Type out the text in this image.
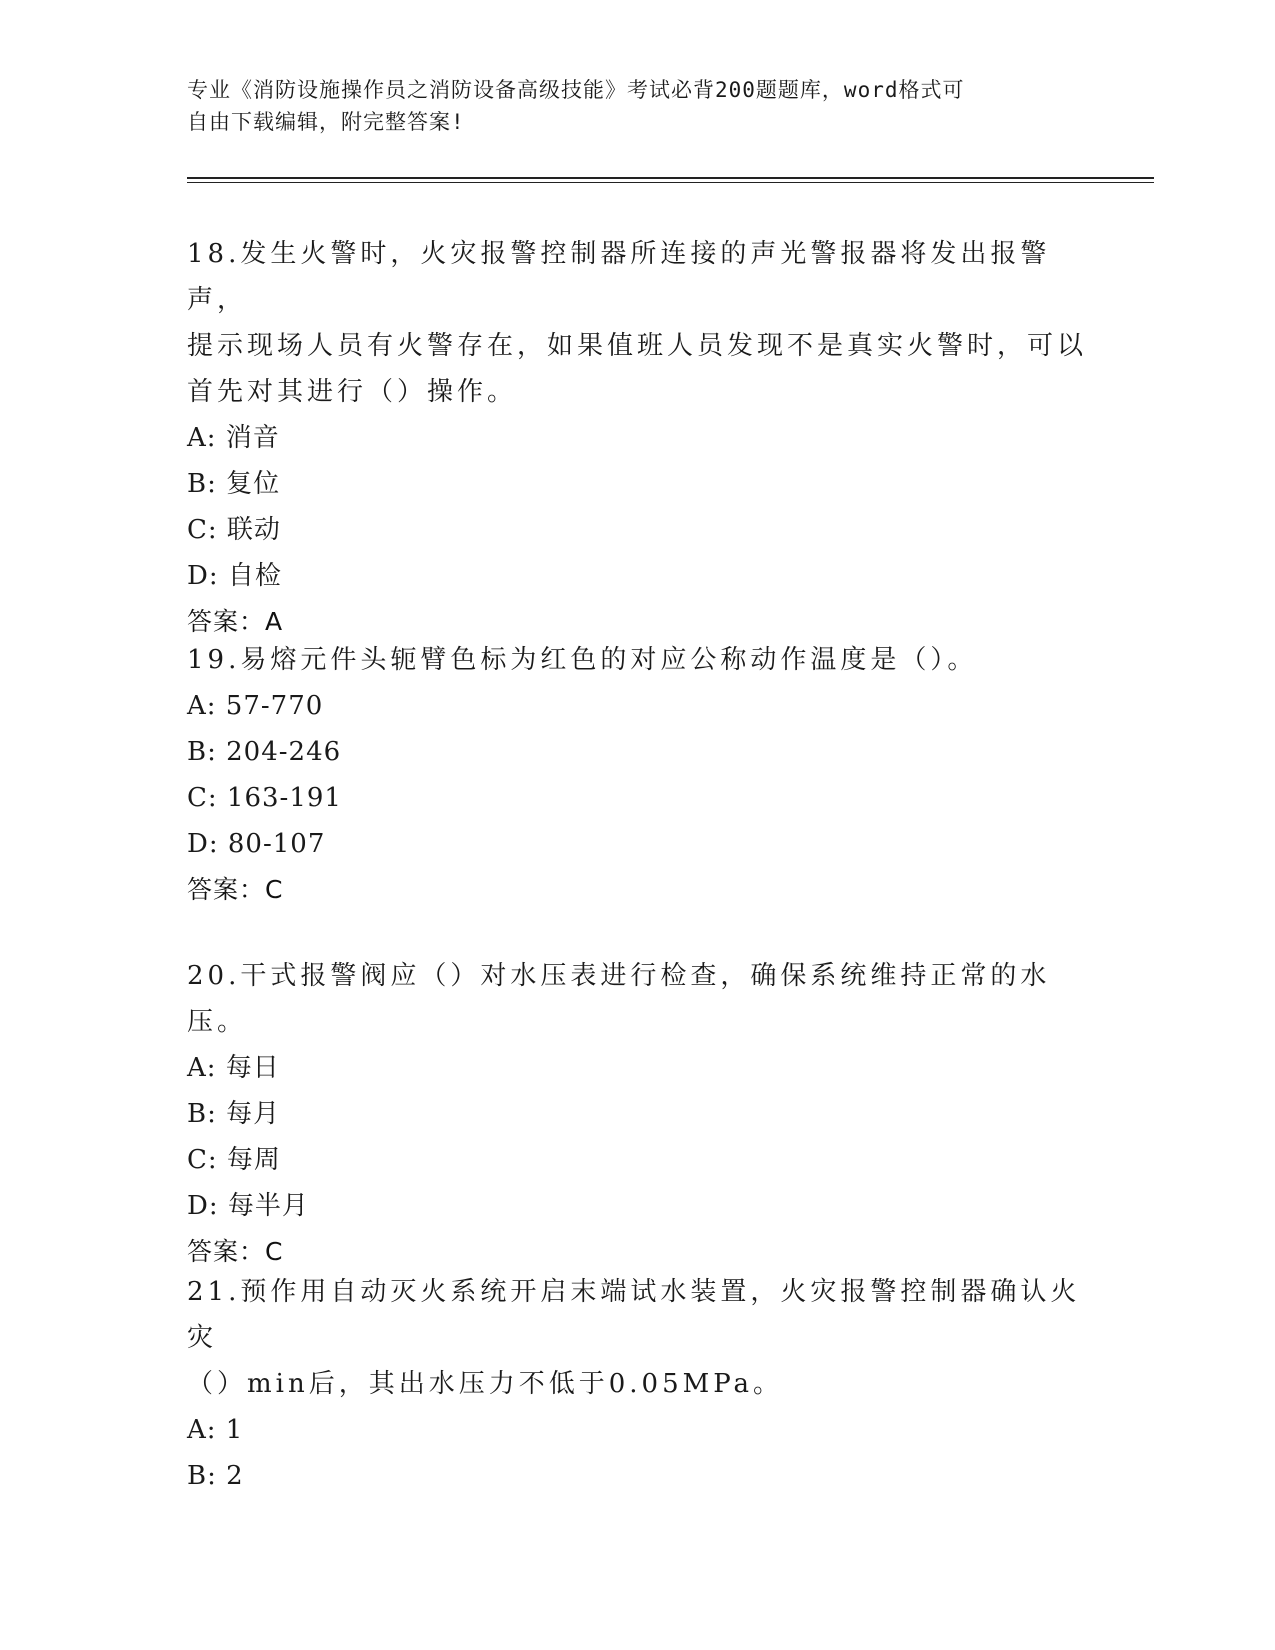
专业《消防设施操作员之消防设备高级技能》考试必背200题题库，word格式可
自由下载编辑，附完整答案!
18.发生火警时，火灾报警控制器所连接的声光警报器将发出报警声，
提示现场人员有火警存在，如果值班人员发现不是真实火警时，可以
首先对其进行（）操作。
A: 消音
B: 复位
C: 联动
D: 自检
答案：A
19.易熔元件头轭臂色标为红色的对应公称动作温度是（）。
A: 57-770
B: 204-246
C: 163-191
D: 80-107
答案：C
20.干式报警阀应（）对水压表进行检查，确保系统维持正常的水压。
A: 每日
B: 每月
C: 每周
D: 每半月
答案：C
21.预作用自动灭火系统开启末端试水装置，火灾报警控制器确认火灾
（）min后，其出水压力不低于0.05MPa。
A: 1
B: 2
